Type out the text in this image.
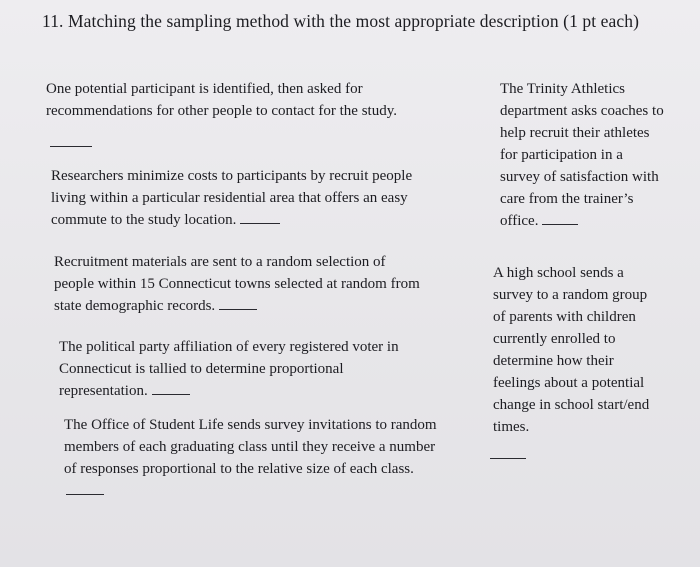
11. Matching the sampling method with the most appropriate description (1 pt each)
One potential participant is identified, then asked for
recommendations for other people to contact for the study.
Researchers minimize costs to participants by recruit people
living within a particular residential area that offers an easy
commute to the study location.
Recruitment materials are sent to a random selection of
people within 15 Connecticut towns selected at random from
state demographic records.
The political party affiliation of every registered voter in
Connecticut is tallied to determine proportional
representation.
The Office of Student Life sends survey invitations to random
members of each graduating class until they receive a number
of responses proportional to the relative size of each class.
The Trinity Athletics
department asks coaches to
help recruit their athletes
for participation in a
survey of satisfaction with
care from the trainer’s
office.
A high school sends a
survey to a random group
of parents with children
currently enrolled to
determine how their
feelings about a potential
change in school start/end
times.
